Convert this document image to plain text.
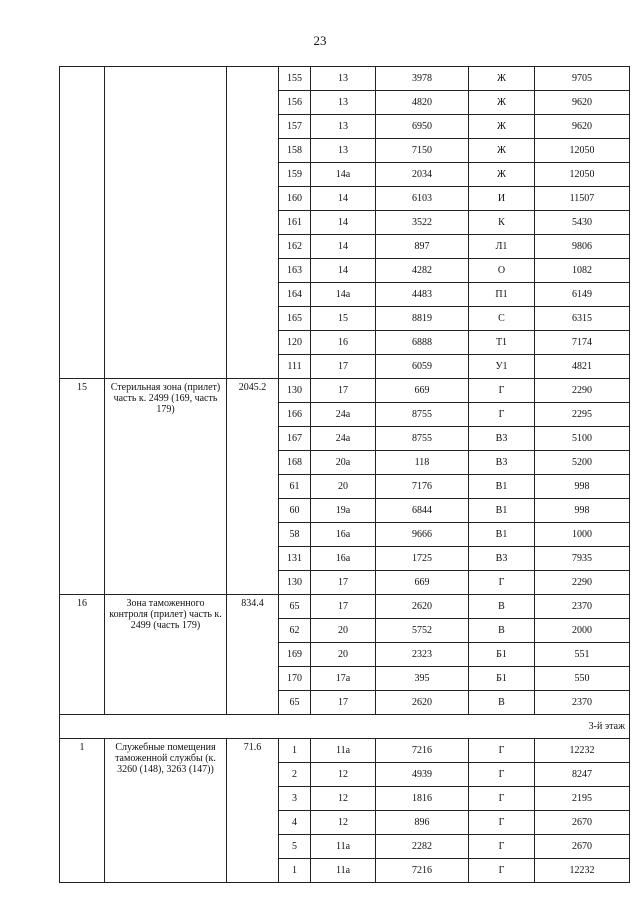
23
			155	13	3978	Ж	9705
			156	13	4820	Ж	9620
			157	13	6950	Ж	9620
			158	13	7150	Ж	12050
			159	14а	2034	Ж	12050
			160	14	6103	И	11507
			161	14	3522	К	5430
			162	14	897	Л1	9806
			163	14	4282	О	1082
			164	14а	4483	П1	6149
			165	15	8819	С	6315
			120	16	6888	Т1	7174
			111	17	6059	У1	4821
15	Стерильная зона (прилет) часть к. 2499 (169, часть 179)	2045.2	130	17	669	Г	2290
			166	24а	8755	Г	2295
			167	24а	8755	В3	5100
			168	20а	118	В3	5200
			61	20	7176	В1	998
			60	19а	6844	В1	998
			58	16а	9666	В1	1000
			131	16а	1725	В3	7935
			130	17	669	Г	2290
16	Зона таможенного контроля (прилет) часть к. 2499 (часть 179)	834.4	65	17	2620	В	2370
			62	20	5752	В	2000
			169	20	2323	Б1	551
			170	17а	395	Б1	550
			65	17	2620	В	2370
3-й этаж							
1	Служебные помещения таможенной службы (к. 3260 (148), 3263 (147))	71.6	1	11а	7216	Г	12232
			2	12	4939	Г	8247
			3	12	1816	Г	2195
			4	12	896	Г	2670
			5	11а	2282	Г	2670
			1	11а	7216	Г	12232
